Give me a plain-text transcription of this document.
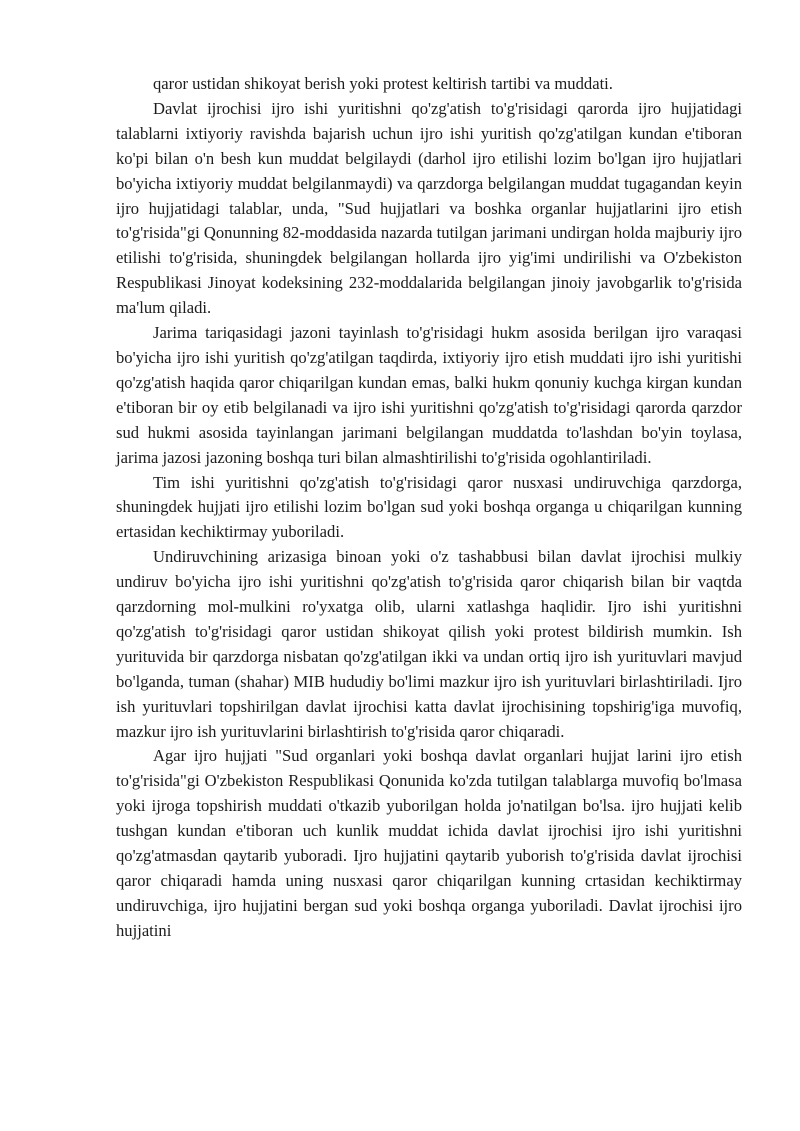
qaror ustidan shikoyat berish yoki protest keltirish tartibi va muddati.

Davlat ijrochisi ijro ishi yuritishni qo'zg'atish to'g'risidagi qarorda ijro hujjatidagi talablarni ixtiyoriy ravishda bajarish uchun ijro ishi yuritish qo'zg'atilgan kundan e'tiboran ko'pi bilan o'n besh kun muddat belgilaydi (darhol ijro etilishi lozim bo'lgan ijro hujjatlari bo'yicha ixtiyoriy muddat belgilanmaydi) va qarzdorga belgilangan muddat tugagandan keyin ijro hujjatidagi talablar, unda, "Sud hujjatlari va boshka organlar hujjatlarini ijro etish to'g'risida"gi Qonunning 82-moddasida nazarda tutilgan jarimani undirgan holda majburiy ijro etilishi to'g'risida, shuningdek belgilangan hollarda ijro yig'imi undirilishi va O'zbekiston Respublikasi Jinoyat kodeksining 232-moddalarida belgilangan jinoiy javobgarlik to'g'risida ma'lum qiladi.

Jarima tariqasidagi jazoni tayinlash to'g'risidagi hukm asosida berilgan ijro varaqasi bo'yicha ijro ishi yuritish qo'zg'atilgan taqdirda, ixtiyoriy ijro etish muddati ijro ishi yuritishi qo'zg'atish haqida qaror chiqarilgan kundan emas, balki hukm qonuniy kuchga kirgan kundan e'tiboran bir oy etib belgilanadi va ijro ishi yuritishni qo'zg'atish to'g'risidagi qarorda qarzdor sud hukmi asosida tayinlangan jarimani belgilangan muddatda to'lashdan bo'yin toylasa, jarima jazosi jazoning boshqa turi bilan almashtirilishi to'g'risida ogohlantiriladi.

Tim ishi yuritishni qo'zg'atish to'g'risidagi qaror nusxasi undiruvchiga qarzdorga, shuningdek hujjati ijro etilishi lozim bo'lgan sud yoki boshqa organga u chiqarilgan kunning ertasidan kechiktirmay yuboriladi.

Undiruvchining arizasiga binoan yoki o'z tashabbusi bilan davlat ijrochisi mulkiy undiruv bo'yicha ijro ishi yuritishni qo'zg'atish to'g'risida qaror chiqarish bilan bir vaqtda qarzdorning mol-mulkini ro'yxatga olib, ularni xatlashga haqlidir. Ijro ishi yuritishni qo'zg'atish to'g'risidagi qaror ustidan shikoyat qilish yoki protest bildirish mumkin. Ish yurituvida bir qarzdorga nisbatan qo'zg'atilgan ikki va undan ortiq ijro ish yurituvlari mavjud bo'lganda, tuman (shahar) MIB hududiy bo'limi mazkur ijro ish yurituvlari birlashtiriladi. Ijro ish yurituvlari topshirilgan davlat ijrochisi katta davlat ijrochisining topshirig'iga muvofiq, mazkur ijro ish yurituvlarini birlashtirish to'g'risida qaror chiqaradi.

Agar ijro hujjati "Sud organlari yoki boshqa davlat organlari hujjat larini ijro etish to'g'risida"gi O'zbekiston Respublikasi Qonunida ko'zda tutilgan talablarga muvofiq bo'lmasa yoki ijroga topshirish muddati o'tkazib yuborilgan holda jo'natilgan bo'lsa. ijro hujjati kelib tushgan kundan e'tiboran uch kunlik muddat ichida davlat ijrochisi ijro ishi yuritishni qo'zg'atmasdan qaytarib yuboradi. Ijro hujjatini qaytarib yuborish to'g'risida davlat ijrochisi qaror chiqaradi hamda uning nusxasi qaror chiqarilgan kunning crtasidan kechiktirmay undiruvchiga, ijro hujjatini bergan sud yoki boshqa organga yuboriladi. Davlat ijrochisi ijro hujjatini
